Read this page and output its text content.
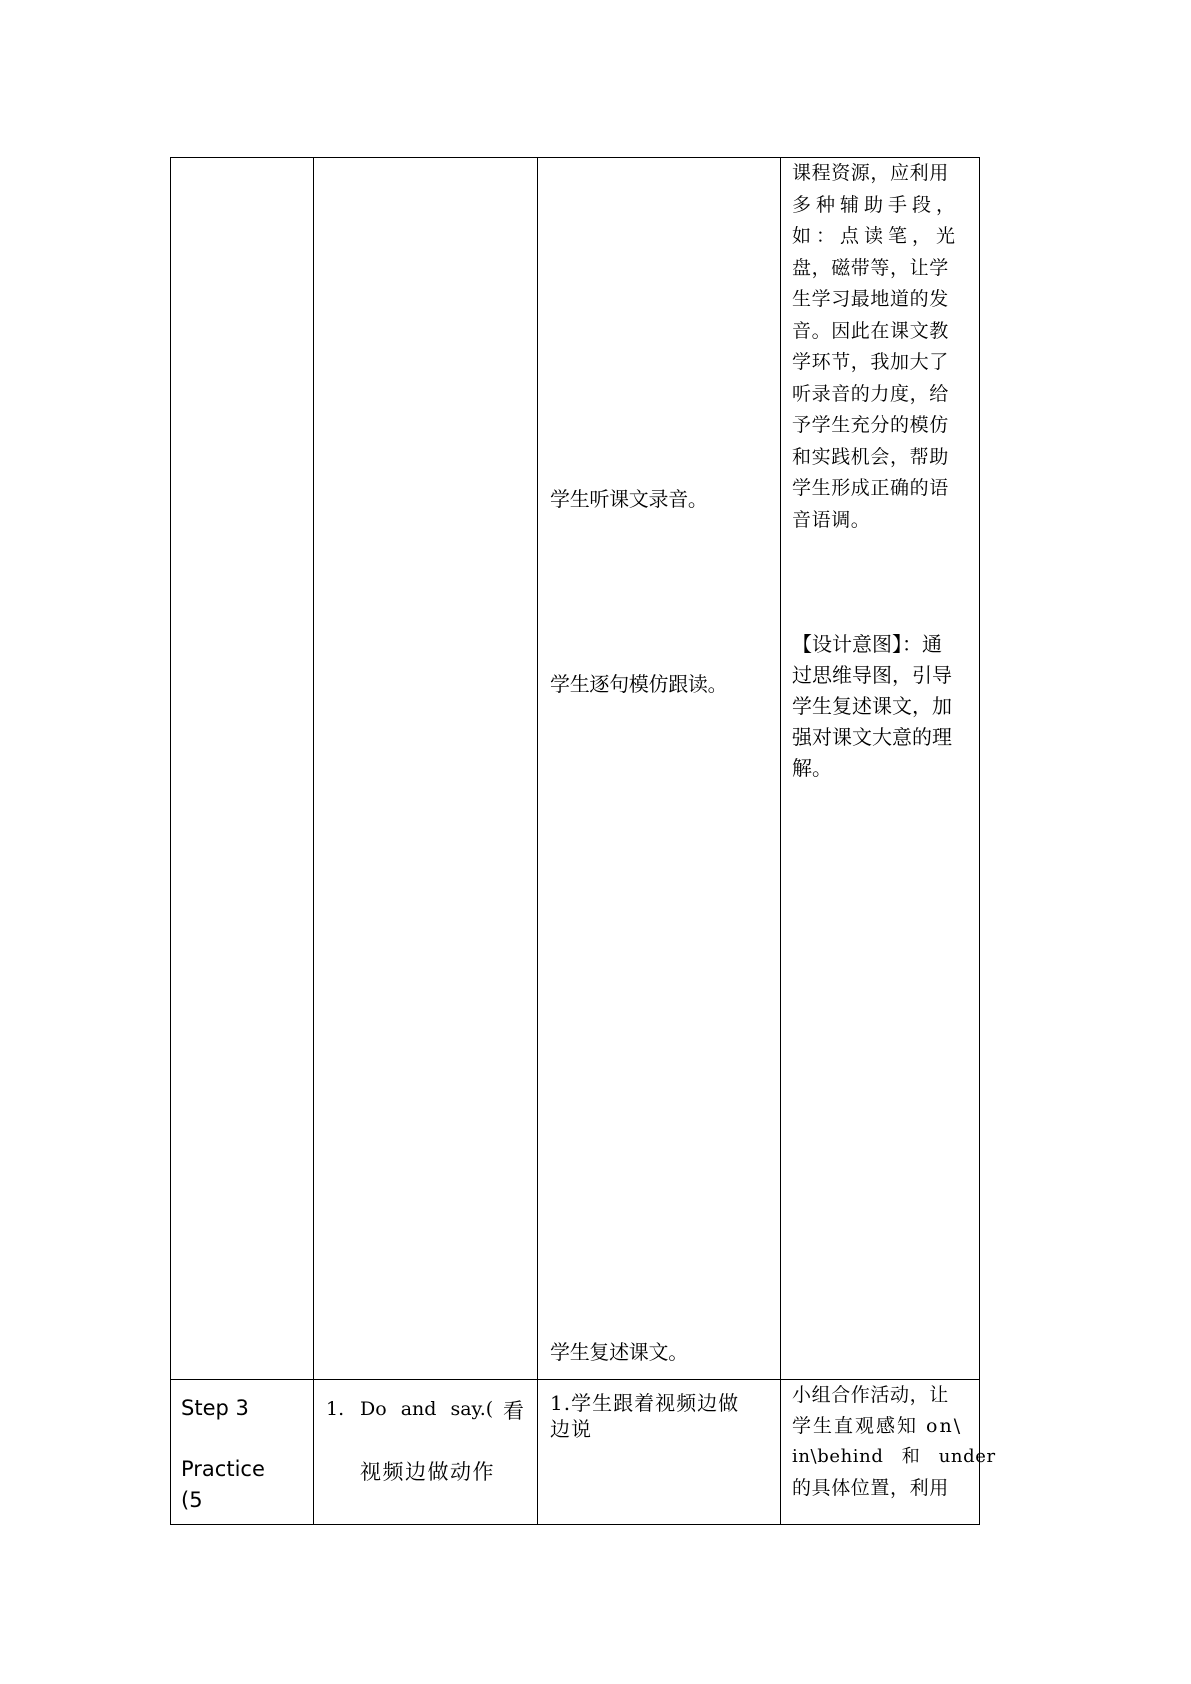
学生听课文录音。
学生逐句模仿跟读。
学生复述课文。
课程资源，应利用
多种辅助手段，
如：点读笔，光
盘，磁带等，让学
生学习最地道的发
音。因此在课文教
学环节，我加大了
听录音的力度，给
予学生充分的模仿
和实践机会，帮助
学生形成正确的语
音语调。
【设计意图】：通
过思维导图，引导
学生复述课文，加
强对课文大意的理
解。
Step 3
Practice
(5
1. Do and say.( 看
视频边做动作
1.学生跟着视频边做
边说
小组合作活动，让
学生直观感知 on\
in\behind 和 under
的具体位置，利用
